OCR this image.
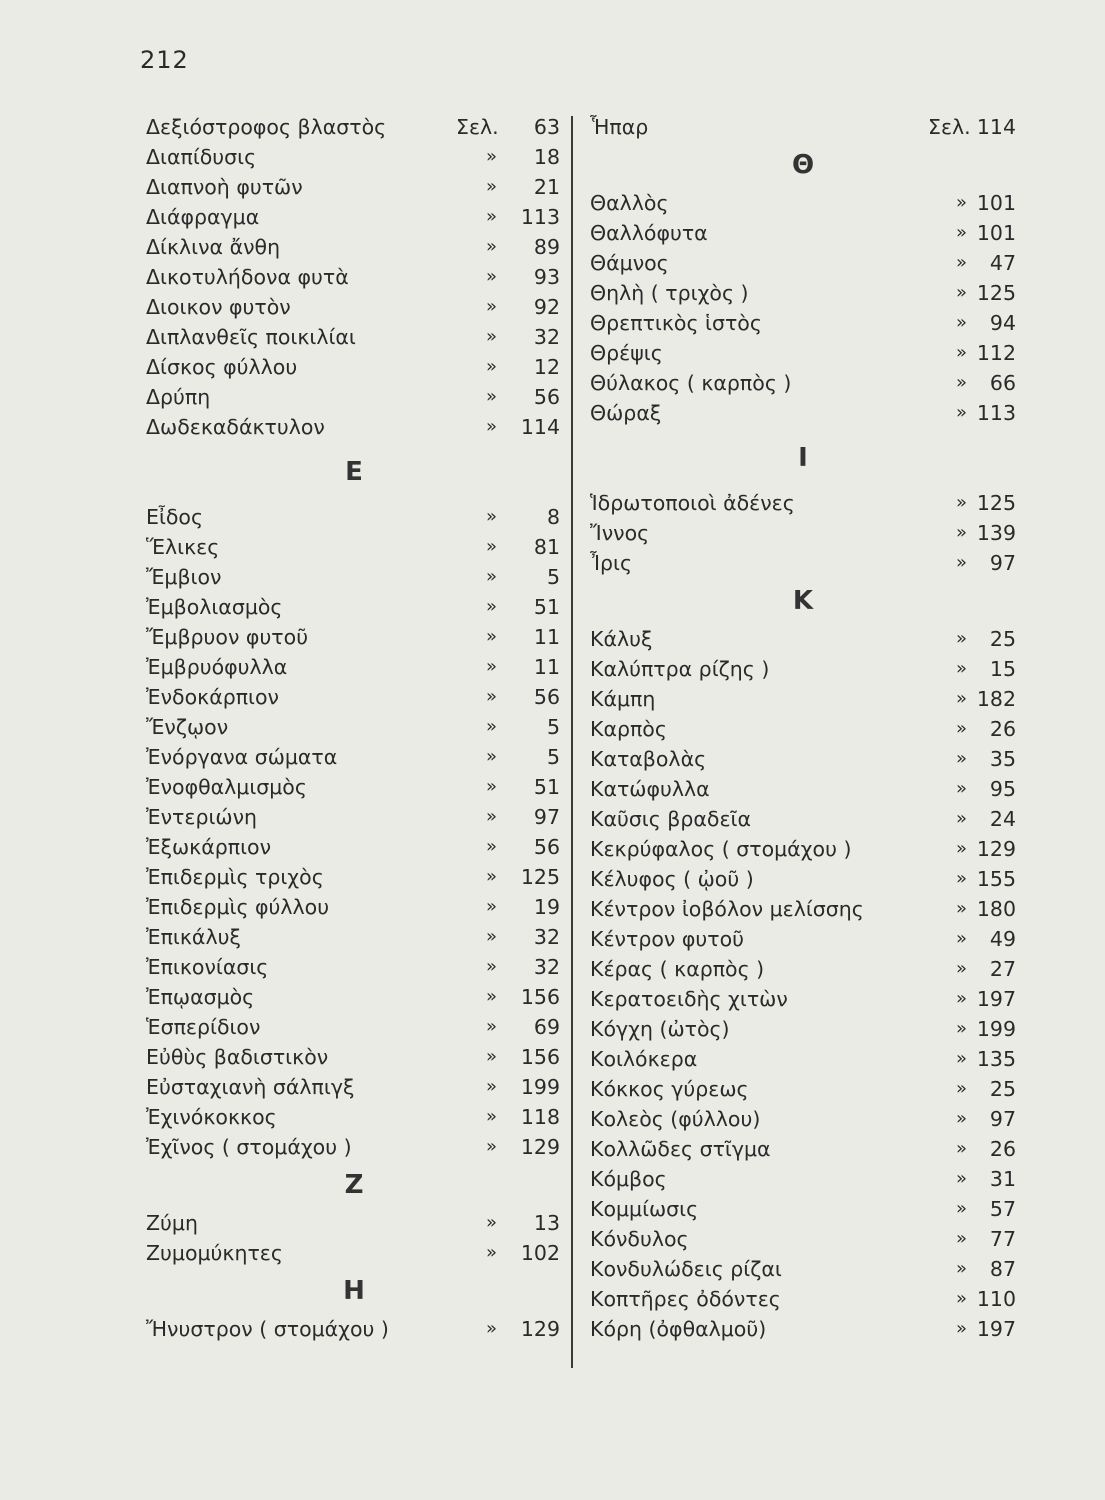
212
Δεξιόστροφος βλαστὸς	Σελ. 63
Διαπίδυσις	» 18
Διαπνοὴ φυτῶν	» 21
Διάφραγμα	» 113
Δίκλινα ἄνθη	» 89
Δικοτυλήδονα φυτὰ	» 93
Διοικον φυτὸν	» 92
Διπλανθεῖς ποικιλίαι	» 32
Δίσκος φύλλου	» 12
Δρύπη	» 56
Δωδεκαδάκτυλον	» 114
Ε
Εἶδος	» 8
Ἕλικες	» 81
Ἔμβιον	» 5
Ἐμβολιασμὸς	» 51
Ἔμβρυον φυτοῦ	» 11
Ἐμβρυόφυλλα	» 11
Ἐνδοκάρπιον	» 56
Ἔνζῳον	» 5
Ἐνόργανα σώματα	» 5
Ἐνοφθαλμισμὸς	» 51
Ἐντεριώνη	» 97
Ἐξωκάρπιον	» 56
Ἐπιδερμὶς τριχὸς	» 125
Ἐπιδερμὶς φύλλου	» 19
Ἐπικάλυξ	» 32
Ἐπικονίασις	» 32
Ἐπῳασμὸς	» 156
Ἑσπερίδιον	» 69
Εὐθὺς βαδιστικὸν	» 156
Εὐσταχιανὴ σάλπιγξ	» 199
Ἐχινόκοκκος	» 118
Ἐχῖνος ( στομάχου )	» 129
Ζ
Ζύμη	» 13
Ζυμομύκητες	» 102
Η
Ἤνυστρον ( στομάχου )	» 129
Ἧπαρ	Σελ. 114
Θ
Θαλλὸς	» 101
Θαλλόφυτα	» 101
Θάμνος	» 47
Θηλὴ ( τριχὸς )	» 125
Θρεπτικὸς ἱστὸς	» 94
Θρέψις	» 112
Θύλακος ( καρπὸς )	» 66
Θώραξ	» 113
Ι
Ἱδρωτοποιοὶ ἀδένες	» 125
Ἴννος	» 139
Ἶρις	» 97
Κ
Κάλυξ	» 25
Καλύπτρα ρίζης )	» 15
Κάμπη	» 182
Καρπὸς	» 26
Καταβολὰς	» 35
Κατώφυλλα	» 95
Καῦσις βραδεῖα	» 24
Κεκρύφαλος ( στομάχου )	» 129
Κέλυφος ( ᾠοῦ )	» 155
Κέντρον ἰοβόλον μελίσσης	» 180
Κέντρον φυτοῦ	» 49
Κέρας ( καρπὸς )	» 27
Κερατοειδὴς χιτὼν	» 197
Κόγχη (ὠτὸς)	» 199
Κοιλόκερα	» 135
Κόκκος γύρεως	» 25
Κολεὸς (φύλλου)	» 97
Κολλῶδες στῖγμα	» 26
Κόμβος	» 31
Κομμίωσις	» 57
Κόνδυλος	» 77
Κονδυλώδεις ρίζαι	» 87
Κοπτῆρες ὀδόντες	» 110
Κόρη (ὀφθαλμοῦ)	» 197
